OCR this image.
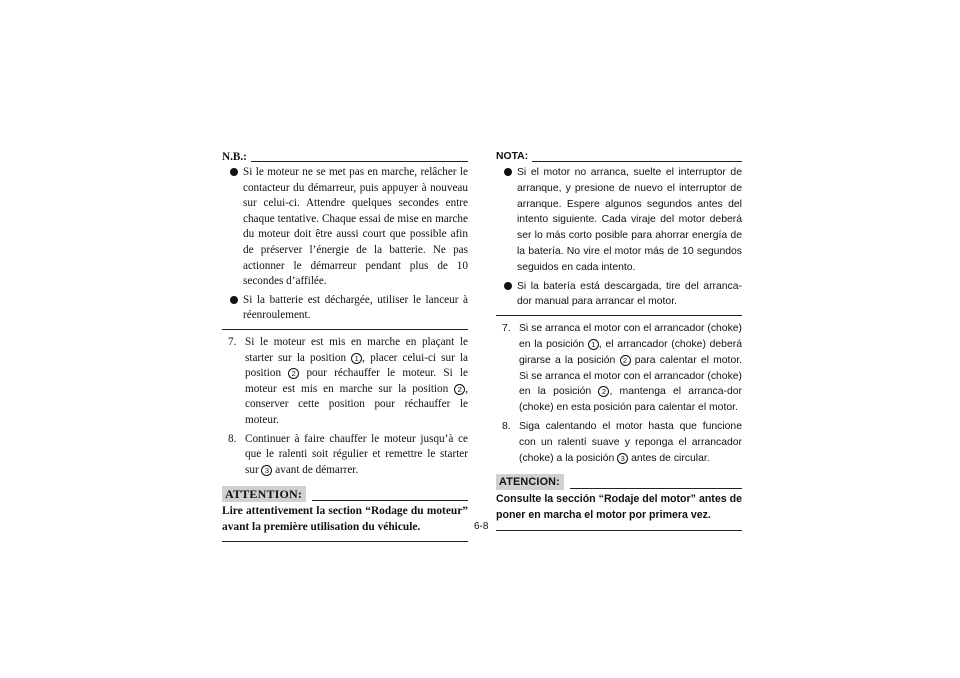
N.B.:
Si le moteur ne se met pas en marche, relâcher le contacteur du démarreur, puis appuyer à nouveau sur celui-ci. Attendre quelques secondes entre chaque tentative. Chaque essai de mise en marche du moteur doit être aussi court que possible afin de préserver l’énergie de la batterie. Ne pas actionner le démarreur pendant plus de 10 secondes d’affilée.
Si la batterie est déchargée, utiliser le lanceur à réenroulement.
7. Si le moteur est mis en marche en plaçant le starter sur la position 1 , placer celui-ci sur la position 2 pour réchauffer le moteur. Si le moteur est mis en marche sur la position 2 , conserver cette position pour réchauffer le moteur.
8. Continuer à faire chauffer le moteur jusqu’à ce que le ralenti soit régulier et remettre le starter sur 3 avant de démarrer.
ATTENTION:
Lire attentivement la section “Rodage du moteur” avant la première utilisation du véhicule.
NOTA:
Si el motor no arranca, suelte el interruptor de arranque, y presione de nuevo el interruptor de arranque. Espere algunos segundos antes del intento siguiente. Cada viraje del motor deberá ser lo más corto posible para ahorrar energía de la batería. No vire el motor más de 10 segundos seguidos en cada intento.
Si la batería está descargada, tire del arranca-dor manual para arrancar el motor.
7. Si se arranca el motor con el arrancador (choke) en la posición 1 , el arrancador (choke) deberá girarse a la posición 2 para calentar el motor. Si se arranca el motor con el arrancador (choke) en la posición 2 , mantenga el arranca-dor (choke) en esta posición para calentar el motor.
8. Siga calentando el motor hasta que funcione con un ralentí suave y reponga el arrancador (choke) a la posición 3 antes de circular.
ATENCION:
Consulte la sección “Rodaje del motor” antes de poner en marcha el motor por primera vez.
6-8
